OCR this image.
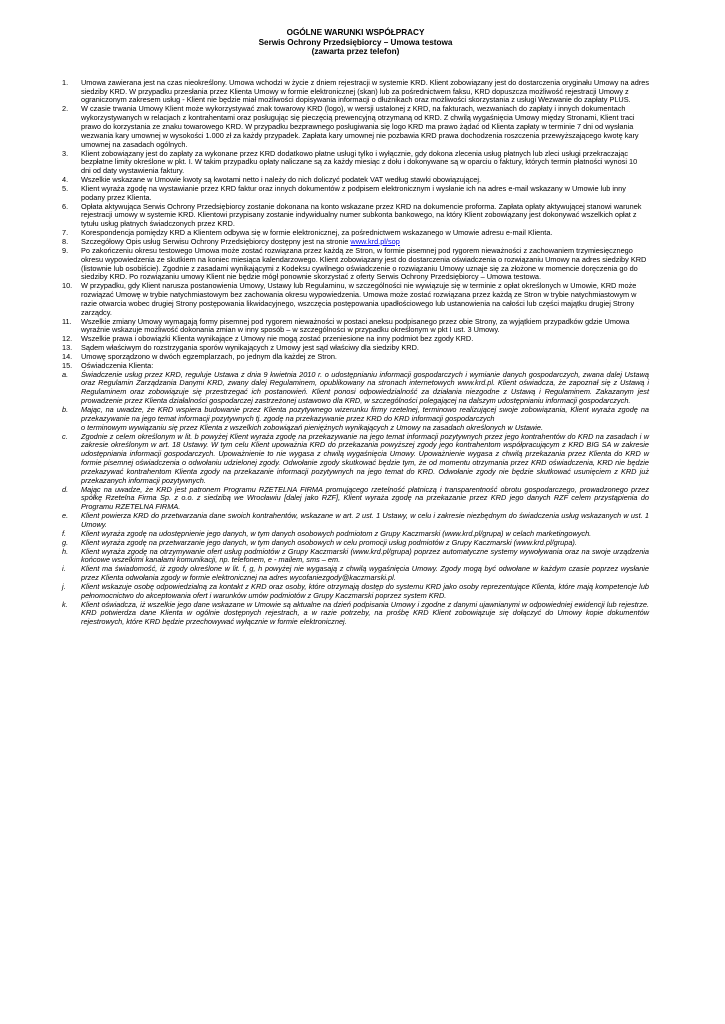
OGÓLNE WARUNKI WSPÓŁPRACY
Serwis Ochrony Przedsiębiorcy – Umowa testowa
(zawarta przez telefon)
1.	Umowa zawierana jest na czas nieokreślony. Umowa wchodzi w życie z dniem rejestracji w systemie KRD. Klient zobowiązany jest do dostarczenia oryginału Umowy na adres siedziby KRD. W przypadku przesłania przez Klienta Umowy w formie elektronicznej (skan) lub za pośrednictwem faksu, KRD dopuszcza możliwość rejestracji Umowy z ograniczonym zakresem usług - Klient nie będzie miał możliwości dopisywania informacji o dłużnikach oraz możliwości skorzystania z usługi Wezwanie do zapłaty PLUS.
2.	W czasie trwania Umowy Klient może wykorzystywać znak towarowy KRD (logo), w wersji ustalonej z KRD, na fakturach, wezwaniach do zapłaty i innych dokumentach wykorzystywanych w relacjach z kontrahentami oraz posługując się pieczęcią prewencyjną otrzymaną od KRD. Z chwilą wygaśnięcia Umowy między Stronami, Klient traci prawo do korzystania ze znaku towarowego KRD. W przypadku bezprawnego posługiwania się logo KRD ma prawo żądać od Klienta zapłaty w terminie 7 dni od wysłania wezwania kary umownej w wysokości 1.000 zł za każdy przypadek. Zapłata kary umownej nie pozbawia KRD prawa dochodzenia roszczenia przewyższającego kwotę kary umownej na zasadach ogólnych.
3.	Klient zobowiązany jest do zapłaty za wykonane przez KRD dodatkowo płatne usługi tylko i wyłącznie, gdy dokona zlecenia usług płatnych lub zleci usługi przekraczając bezpłatne limity określone w pkt. I. W takim przypadku opłaty naliczane są za każdy miesiąc z dołu i dokonywane są w oparciu o faktury, których termin płatności wynosi 10 dni od daty wystawienia faktury.
4.	Wszelkie wskazane w Umowie kwoty są kwotami netto i należy do nich doliczyć podatek VAT według stawki obowiązującej.
5.	Klient wyraża zgodę na wystawianie przez KRD faktur oraz innych dokumentów z podpisem elektronicznym i wysłanie ich na adres e-mail wskazany w Umowie lub inny podany przez Klienta.
6.	Opłata aktywująca Serwis Ochrony Przedsiębiorcy zostanie dokonana na konto wskazane przez KRD na dokumencie proforma. Zapłata opłaty aktywującej stanowi warunek rejestracji umowy w systemie KRD. Klientowi przypisany zostanie indywidualny numer subkonta bankowego, na który Klient zobowiązany jest dokonywać wszelkich opłat z tytułu usług płatnych świadczonych przez KRD.
7.	Korespondencja pomiędzy KRD a Klientem odbywa się w formie elektronicznej, za pośrednictwem wskazanego w Umowie adresu e-mail Klienta.
8.	Szczegółowy Opis usług Serwisu Ochrony Przedsiębiorcy dostępny jest na stronie www.krd.pl/sop
9.	Po zakończeniu okresu testowego Umowa może zostać rozwiązana przez każdą ze Stron, w formie pisemnej pod rygorem nieważności z zachowaniem trzymiesięcznego okresu wypowiedzenia ze skutkiem na koniec miesiąca kalendarzowego. Klient zobowiązany jest do dostarczenia oświadczenia o rozwiązaniu Umowy na adres siedziby KRD (listownie lub osobiście). Zgodnie z zasadami wynikającymi z Kodeksu cywilnego oświadczenie o rozwiązaniu Umowy uznaje się za złożone w momencie doręczenia go do siedziby KRD. Po rozwiązaniu umowy Klient nie będzie mógł ponownie skorzystać z oferty Serwis Ochrony Przedsiębiorcy – Umowa testowa.
10.	W przypadku, gdy Klient narusza postanowienia Umowy, Ustawy lub Regulaminu, w szczególności nie wywiązuje się w terminie z opłat określonych w Umowie, KRD może rozwiązać Umowę w trybie natychmiastowym bez zachowania okresu wypowiedzenia. Umowa może zostać rozwiązana przez każdą ze Stron w trybie natychmiastowym w razie otwarcia wobec drugiej Strony postępowania likwidacyjnego, wszczęcia postępowania upadłościowego lub ustanowienia na całości lub części majątku drugiej Strony zarządcy.
11.	Wszelkie zmiany Umowy wymagają formy pisemnej pod rygorem nieważności w postaci aneksu podpisanego przez obie Strony, za wyjątkiem przypadków gdzie Umowa wyraźnie wskazuje możliwość dokonania zmian w inny sposób – w szczególności w przypadku określonym w pkt I ust. 3 Umowy.
12.	Wszelkie prawa i obowiązki Klienta wynikające z Umowy nie mogą zostać przeniesione na inny podmiot bez zgody KRD.
13.	Sądem właściwym do rozstrzygania sporów wynikających z Umowy jest sąd właściwy dla siedziby KRD.
14.	Umowę sporządzono w dwóch egzemplarzach, po jednym dla każdej ze Stron.
15.	Oświadczenia Klienta:
a.	Świadczenie usług przez KRD, reguluje Ustawa z dnia 9 kwietnia 2010 r. o udostępnianiu informacji gospodarczych i wymianie danych gospodarczych, zwana dalej Ustawą oraz Regulamin Zarządzania Danymi KRD, zwany dalej Regulaminem, opublikowany na stronach internetowych www.krd.pl. Klient oświadcza, że zapoznał się z Ustawą i Regulaminem oraz zobowiązuje się przestrzegać ich postanowień. Klient ponosi odpowiedzialność za działania niezgodne z Ustawą i Regulaminem. Zakazanym jest prowadzenie przez Klienta działalności gospodarczej zastrzeżonej ustawowo dla KRD, w szczególności polegającej na dalszym udostępnianiu informacji gospodarczych.
b.	Mając, na uwadze, że KRD wspiera budowanie przez Klienta pozytywnego wizerunku firmy rzetelnej, terminowo realizującej swoje zobowiązania, Klient wyraża zgodę na przekazywanie na jego temat informacji pozytywnych tj. zgodę na przekazywanie przez KRD do KRD informacji gospodarczych
o terminowym wywiązaniu się przez Klienta z wszelkich zobowiązań pieniężnych wynikających z Umowy na zasadach określonych w Ustawie.
c.	Zgodnie z celem określonym w lit. b powyżej Klient wyraża zgodę na przekazywanie na jego temat informacji pozytywnych przez jego kontrahentów do KRD na zasadach i w zakresie określonym w art. 18 Ustawy. W tym celu Klient upoważnia KRD do przekazania powyższej zgody jego kontrahentom współpracującym z KRD BIG SA w zakresie udostępniania informacji gospodarczych. Upoważnienie to nie wygasa z chwilą wygaśnięcia Umowy. Upoważnienie wygasa z chwilą przekazania przez Klienta do KRD w formie pisemnej oświadczenia o odwołaniu udzielonej zgody. Odwołanie zgody skutkować będzie tym, że od momentu otrzymania przez KRD oświadczenia, KRD nie będzie przekazywać kontrahentom Klienta zgody na przekazanie informacji pozytywnych na jego temat do KRD. Odwołanie zgody nie będzie skutkować usunięciem z KRD już przekazanych informacji pozytywnych.
d.	Mając na uwadze, że KRD jest patronem Programu RZETELNA FIRMA promującego rzetelność płatniczą i transparentność obrotu gospodarczego, prowadzonego przez spółkę Rzetelna Firma Sp. z o.o. z siedzibą we Wrocławiu [dalej jako RZF], Klient wyraża zgodę na przekazanie przez KRD jego danych RZF celem przystąpienia do Programu RZETELNA FIRMA.
e.	Klient powierza KRD do przetwarzania dane swoich kontrahentów, wskazane w art. 2 ust. 1 Ustawy, w celu i zakresie niezbędnym do świadczenia usług wskazanych w ust. 1 Umowy.
f.	Klient wyraża zgodę na udostępnienie jego danych, w tym danych osobowych podmiotom z Grupy Kaczmarski (www.krd.pl/grupa) w celach marketingowych.
g.	Klient wyraża zgodę na przetwarzanie jego danych, w tym danych osobowych w celu promocji usług podmiotów z Grupy Kaczmarski (www.krd.pl/grupa).
h.	Klient wyraża zgodę na otrzymywanie ofert usług podmiotów z Grupy Kaczmarski (www.krd.pl/grupa) poprzez automatyczne systemy wywoływania oraz na swoje urządzenia końcowe wszelkimi kanałami komunikacji, np. telefonem, e - mailem, sms – em.
i.	Klient ma świadomość, iż zgody określone w lit. f, g, h powyżej nie wygasają z chwilą wygaśnięcia Umowy. Zgody mogą być odwołane w każdym czasie poprzez wysłanie przez Klienta odwołania zgody w formie elektronicznej na adres wycofaniezgody@kaczmarski.pl.
j.	Klient wskazuje osobę odpowiedzialną za kontakt z KRD oraz osoby, które otrzymają dostęp do systemu KRD jako osoby reprezentujące Klienta, które mają kompetencje lub pełnomocnictwo do akceptowania ofert i warunków umów podmiotów z Grupy Kaczmarski poprzez system KRD.
k.	Klient oświadcza, iż wszelkie jego dane wskazane w Umowie są aktualne na dzień podpisania Umowy i zgodne z danymi ujawnianymi w odpowiedniej ewidencji lub rejestrze. KRD potwierdza dane Klienta w ogólnie dostępnych rejestrach, a w razie potrzeby, na prośbę KRD Klient zobowiązuje się dołączyć do Umowy kopie dokumentów rejestrowych, które KRD będzie przechowywać wyłącznie w formie elektronicznej.
